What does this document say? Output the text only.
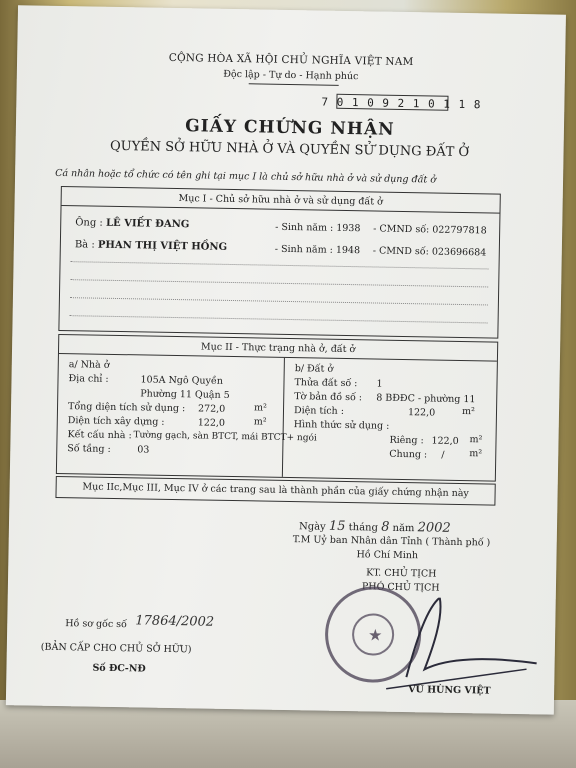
CỘNG HÒA XÃ HỘI CHỦ NGHĨA VIỆT NAM
Độc lập - Tự do - Hạnh phúc
7 0 1 0 9 2 1 0 1 1 8
GIẤY CHỨNG NHẬN
QUYỀN SỞ HỮU NHÀ Ở VÀ QUYỀN SỬ DỤNG ĐẤT Ở
Cá nhân hoặc tổ chức có tên ghi tại mục I là chủ sở hữu nhà ở và sử dụng đất ở
Mục I - Chủ sở hữu nhà ở và sử dụng đất ở
Ông : LÊ VIẾT ĐANG	- Sinh năm : 1938 - CMND số: 022797818
Bà : PHAN THỊ VIỆT HỒNG	- Sinh năm : 1948 - CMND số: 023696684
Mục II - Thực trạng nhà ở, đất ở
a/ Nhà ở
Địa chỉ :	105A Ngô Quyền
Phường 11 Quận 5
Tổng diện tích sử dụng : 272,0	m²
Diện tích xây dựng :	122,0	m²
Kết cấu nhà : Tường gạch, sàn BTCT, mái BTCT+ ngói
Số tầng :	03
b/ Đất ở
Thửa đất số : 1
Tờ bản đồ số : 8 BĐĐC - phường 11
Diện tích :	122,0	m²
Hình thức sử dụng :
Riêng : 122,0 m²
Chung : /	m²
Mục IIc,Mục III, Mục IV ở các trang sau là thành phần của giấy chứng nhận này
Ngày 15 tháng 8 năm 2002
T.M Uỷ ban Nhân dân Tỉnh ( Thành phố )
Hồ Chí Minh
KT. CHỦ TỊCH
PHÓ CHỦ TỊCH
★
VŨ HÙNG VIỆT
Hồ sơ gốc số 17864/2002
(BẢN CẤP CHO CHỦ SỞ HỮU)
Số ĐC-NĐ
